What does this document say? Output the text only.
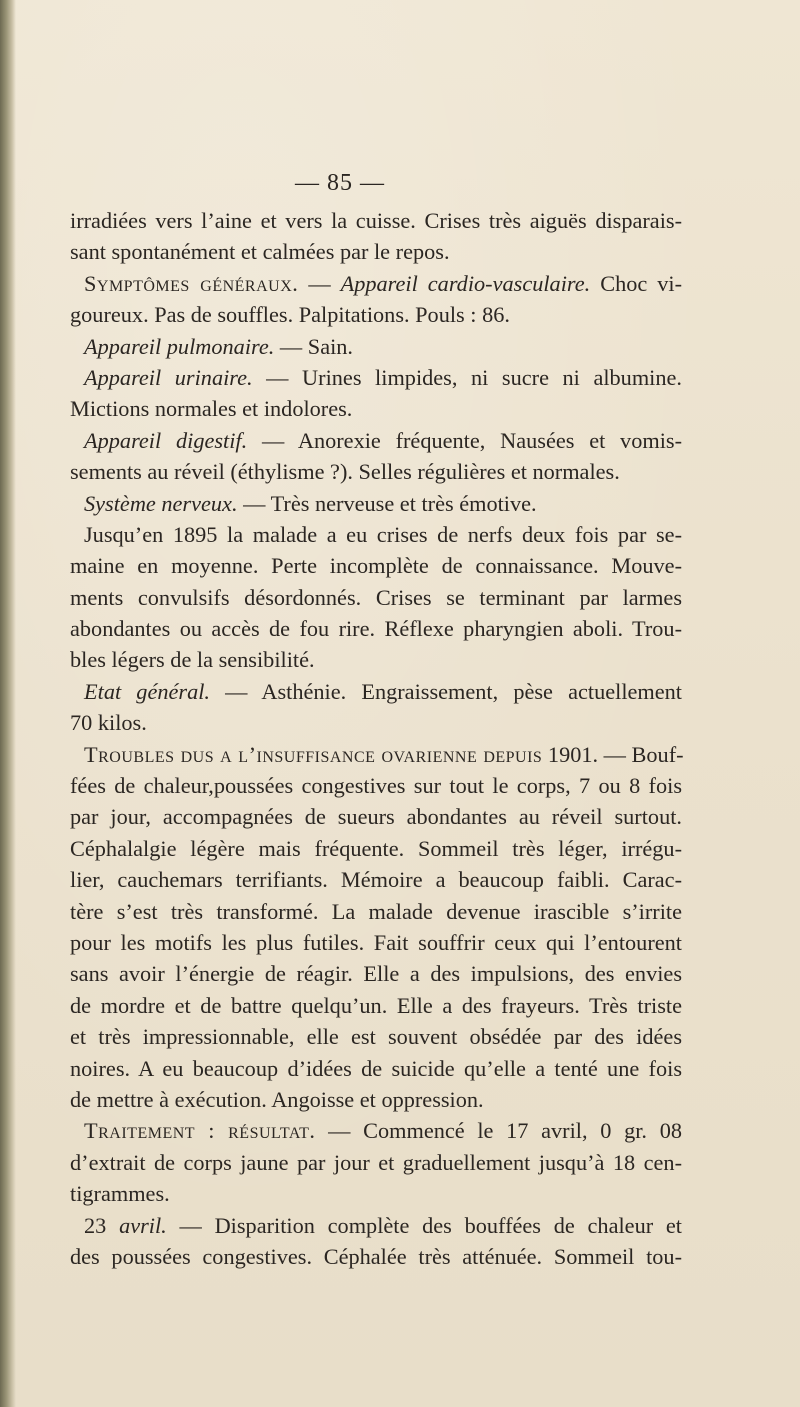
— 85 —
irradiées vers l’aine et vers la cuisse. Crises très aiguës disparais-
sant spontanément et calmées par le repos.
Symptômes généraux. — Appareil cardio-vasculaire. Choc vi-
goureux. Pas de souffles. Palpitations. Pouls : 86.
Appareil pulmonaire. — Sain.
Appareil urinaire. — Urines limpides, ni sucre ni albumine.
Mictions normales et indolores.
Appareil digestif. — Anorexie fréquente, Nausées et vomis-
sements au réveil (éthylisme ?). Selles régulières et normales.
Système nerveux. — Très nerveuse et très émotive.
Jusqu’en 1895 la malade a eu crises de nerfs deux fois par se-
maine en moyenne. Perte incomplète de connaissance. Mouve-
ments convulsifs désordonnés. Crises se terminant par larmes
abondantes ou accès de fou rire. Réflexe pharyngien aboli. Trou-
bles légers de la sensibilité.
Etat général. — Asthénie. Engraissement, pèse actuellement
70 kilos.
Troubles dus a l’insuffisance ovarienne depuis 1901. — Bouf-
fées de chaleur,poussées congestives sur tout le corps, 7 ou 8 fois
par jour, accompagnées de sueurs abondantes au réveil surtout.
Céphalalgie légère mais fréquente. Sommeil très léger, irrégu-
lier, cauchemars terrifiants. Mémoire a beaucoup faibli. Carac-
tère s’est très transformé. La malade devenue irascible s’irrite
pour les motifs les plus futiles. Fait souffrir ceux qui l’entourent
sans avoir l’énergie de réagir. Elle a des impulsions, des envies
de mordre et de battre quelqu’un. Elle a des frayeurs. Très triste
et très impressionnable, elle est souvent obsédée par des idées
noires. A eu beaucoup d’idées de suicide qu’elle a tenté une fois
de mettre à exécution. Angoisse et oppression.
Traitement : résultat. — Commencé le 17 avril, 0 gr. 08
d’extrait de corps jaune par jour et graduellement jusqu’à 18 cen-
tigrammes.
23 avril. — Disparition complète des bouffées de chaleur et
des poussées congestives. Céphalée très atténuée. Sommeil tou-
